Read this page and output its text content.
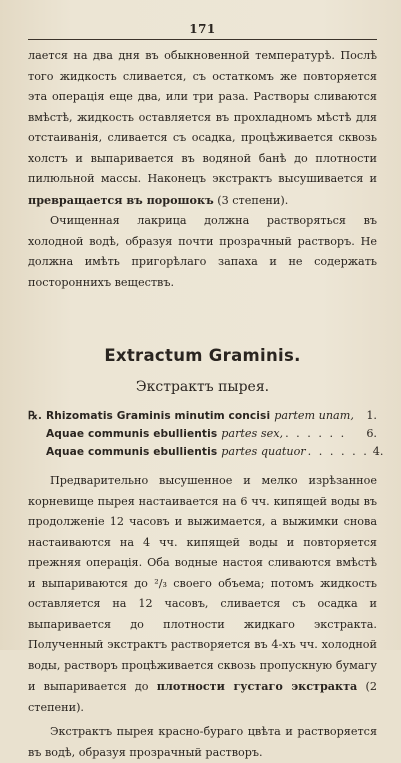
171

лается на два дня въ обыкновенной температурѣ. Послѣ того жидкость сливается, съ остаткомъ же повторяется эта операція еще два, или три раза. Растворы сливаются вмѣстѣ, жидкость оставляется въ прохладномъ мѣстѣ для отстаиванія, сливается съ осадка, процѣживается сквозь холстъ и выпаривается въ водяной банѣ до плотности пилюльной массы. Наконецъ экстрактъ высушивается и превращается въ порошокъ (3 степени).

Очищенная лакрица должна растворяться въ холодной водѣ, образуя почти прозрачный растворъ. Не должна имѣть пригорѣлаго запаха и не содержать постороннихъ веществъ.

Extractum Graminis.
Экстрактъ пырея.
℞. Rhizomatis Graminis minutim concisi partem unam, 1.
Aquae communis ebullientis partes sex, . . . . . .	6.
Aquae communis ebullientis partes quatuor . . . . . . 4.

Предварительно высушенное и мелко изрѣзанное корневище пырея настаивается на 6 чч. кипящей воды въ продолженіе 12 часовъ и выжимается, а выжимки снова настаиваются на 4 чч. кипящей воды и повторяется прежняя операція. Оба водные настоя сливаются вмѣстѣ и выпариваются до ²/₃ своего объема; потомъ жидкость оставляется на 12 часовъ, сливается съ осадка и выпаривается до плотности жидкаго экстракта. Полученный экстрактъ растворяется въ 4-хъ чч. холодной воды, растворъ процѣживается сквозь пропускную бумагу и выпаривается до плотности густаго экстракта (2 степени).

Экстрактъ пырея красно-бураго цвѣта и растворяется въ водѣ, образуя прозрачный растворъ.
